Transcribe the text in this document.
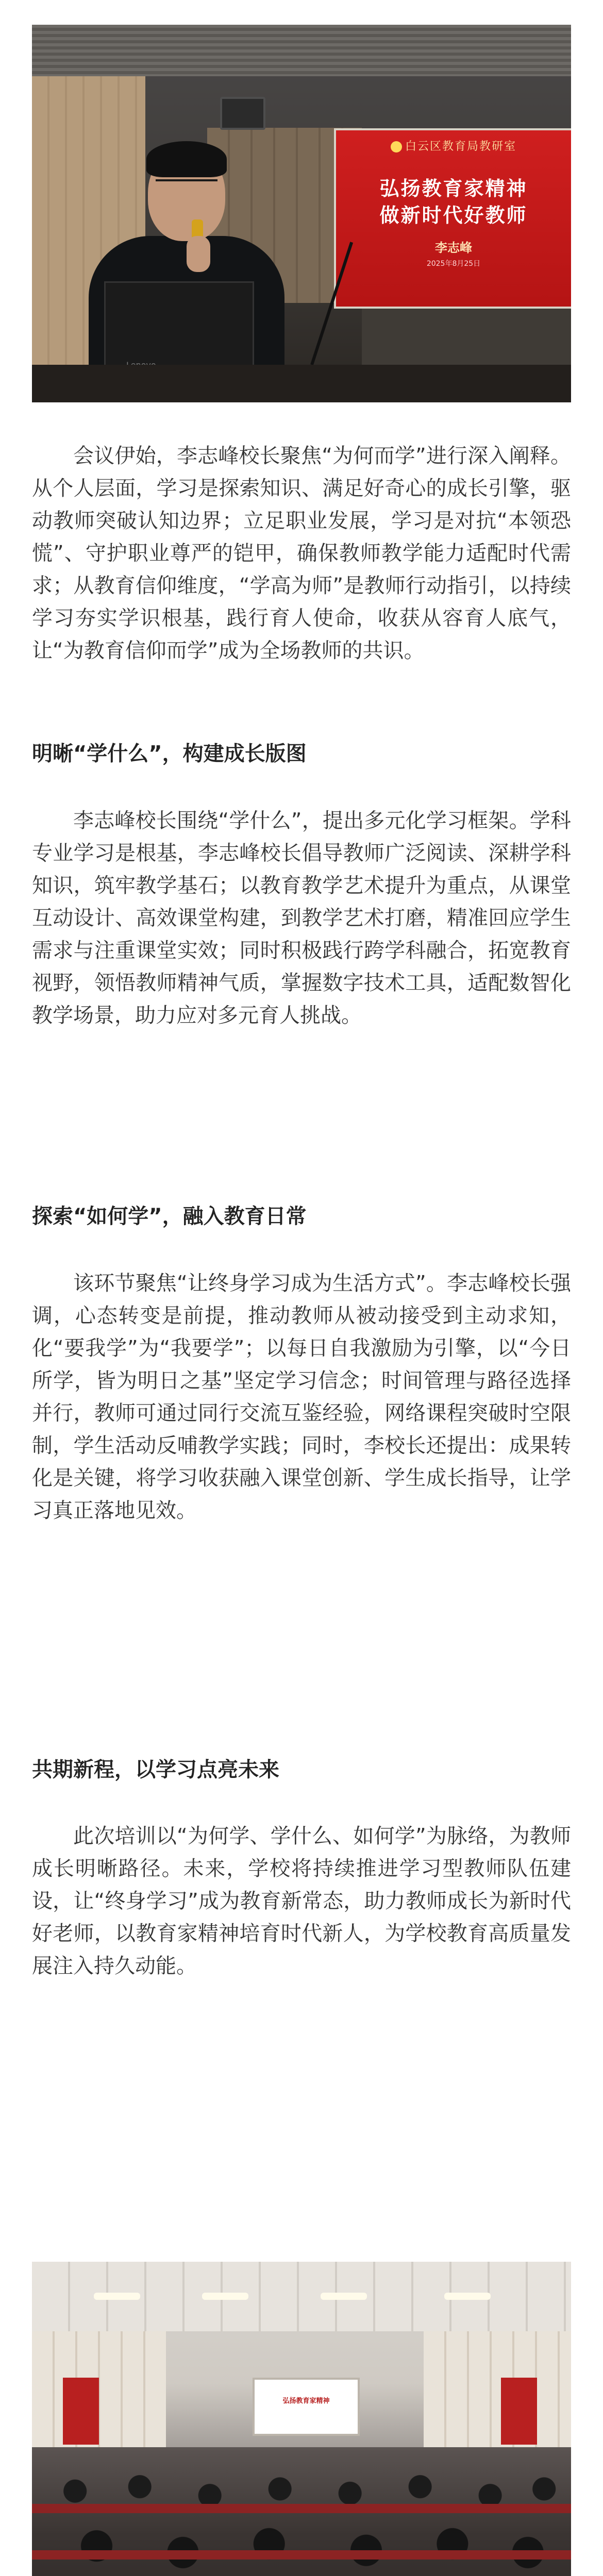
白云区教育局教研室
弘扬教育家精神
做新时代好教师
李志峰
2025年8月25日

会议伊始，李志峰校长聚焦“为何而学”进行深入阐释。从个人层面，学习是探索知识、满足好奇心的成长引擎，驱动教师突破认知边界；立足职业发展，学习是对抗“本领恐慌”、守护职业尊严的铠甲，确保教师教学能力适配时代需求；从教育信仰维度，“学高为师”是教师行动指引，以持续学习夯实学识根基，践行育人使命，收获从容育人底气，让“为教育信仰而学”成为全场教师的共识。

明晰“学什么”，构建成长版图

李志峰校长围绕“学什么”，提出多元化学习框架。学科专业学习是根基，李志峰校长倡导教师广泛阅读、深耕学科知识，筑牢教学基石；以教育教学艺术提升为重点，从课堂互动设计、高效课堂构建，到教学艺术打磨，精准回应学生需求与注重课堂实效；同时积极践行跨学科融合，拓宽教育视野，领悟教师精神气质，掌握数字技术工具，适配数智化教学场景，助力应对多元育人挑战。

探索“如何学”，融入教育日常

该环节聚焦“让终身学习成为生活方式”。李志峰校长强调，心态转变是前提，推动教师从被动接受到主动求知，化“要我学”为“我要学”；以每日自我激励为引擎，以“今日所学，皆为明日之基”坚定学习信念；时间管理与路径选择并行，教师可通过同行交流互鉴经验，网络课程突破时空限制，学生活动反哺教学实践；同时，李校长还提出：成果转化是关键，将学习收获融入课堂创新、学生成长指导，让学习真正落地见效。

共期新程，以学习点亮未来

此次培训以“为何学、学什么、如何学”为脉络，为教师成长明晰路径。未来，学校将持续推进学习型教师队伍建设，让“终身学习”成为教育新常态，助力教师成长为新时代好老师，以教育家精神培育时代新人，为学校教育高质量发展注入持久动能。

弘扬教育家精神
